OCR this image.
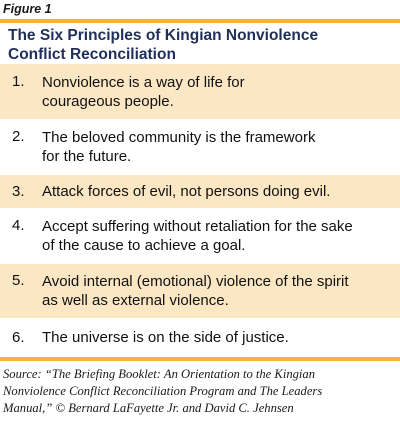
Figure 1
The Six Principles of Kingian Nonviolence
Conflict Reconciliation
1.	Nonviolence is a way of life for
courageous people.
2.	The beloved community is the framework
for the future.
3.	Attack forces of evil, not persons doing evil.
4.	Accept suffering without retaliation for the sake
of the cause to achieve a goal.
5.	Avoid internal (emotional) violence of the spirit
as well as external violence.
6.	The universe is on the side of justice.
Source: “The Briefing Booklet: An Orientation to the Kingian
Nonviolence Conflict Reconciliation Program and The Leaders
Manual,” © Bernard LaFayette Jr. and David C. Jehnsen
